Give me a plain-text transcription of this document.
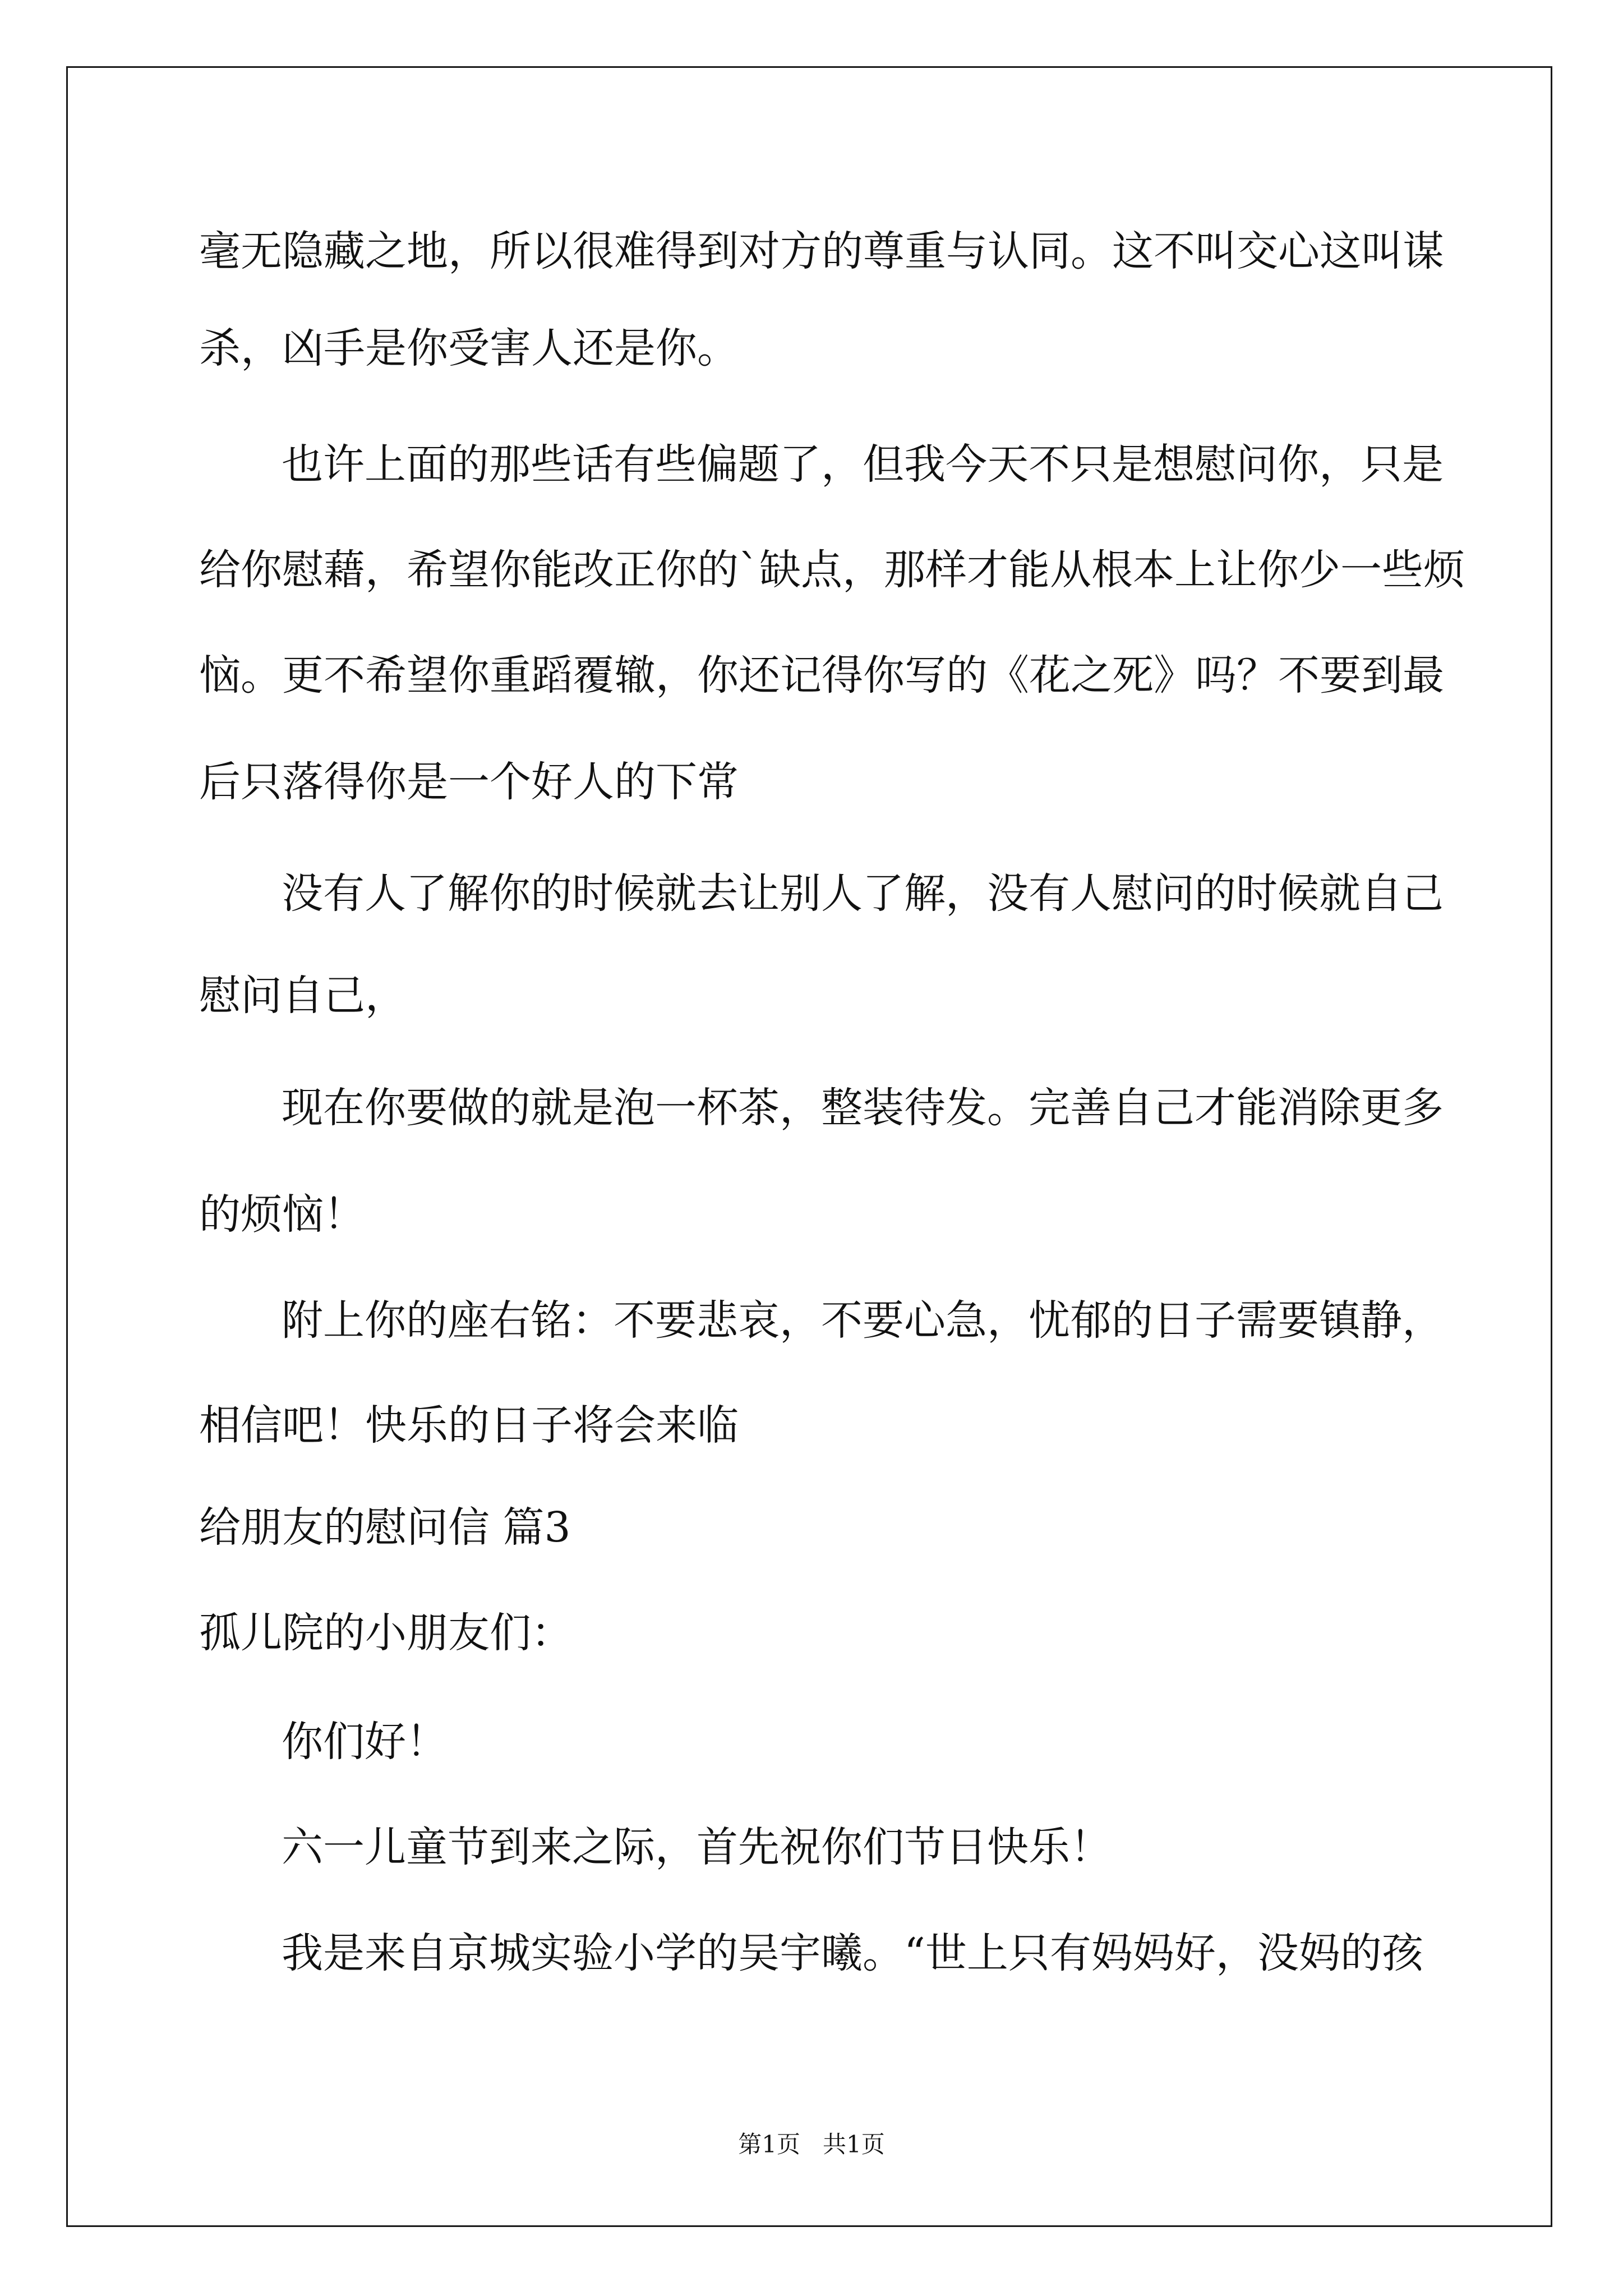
毫无隐藏之地，所以很难得到对方的尊重与认同。这不叫交心这叫谋

杀，凶手是你受害人还是你。

也许上面的那些话有些偏题了，但我今天不只是想慰问你，只是

给你慰藉，希望你能改正你的`缺点，那样才能从根本上让你少一些烦

恼。更不希望你重蹈覆辙，你还记得你写的《花之死》吗？不要到最

后只落得你是一个好人的下常

没有人了解你的时候就去让别人了解，没有人慰问的时候就自己

慰问自己，

现在你要做的就是泡一杯茶，整装待发。完善自己才能消除更多

的烦恼！

附上你的座右铭：不要悲哀，不要心急，忧郁的日子需要镇静，

相信吧！快乐的日子将会来临

给朋友的慰问信 篇3

孤儿院的小朋友们：

你们好！

六一儿童节到来之际，首先祝你们节日快乐！

我是来自京城实验小学的吴宇曦。“世上只有妈妈好，没妈的孩

第1页   共1页
